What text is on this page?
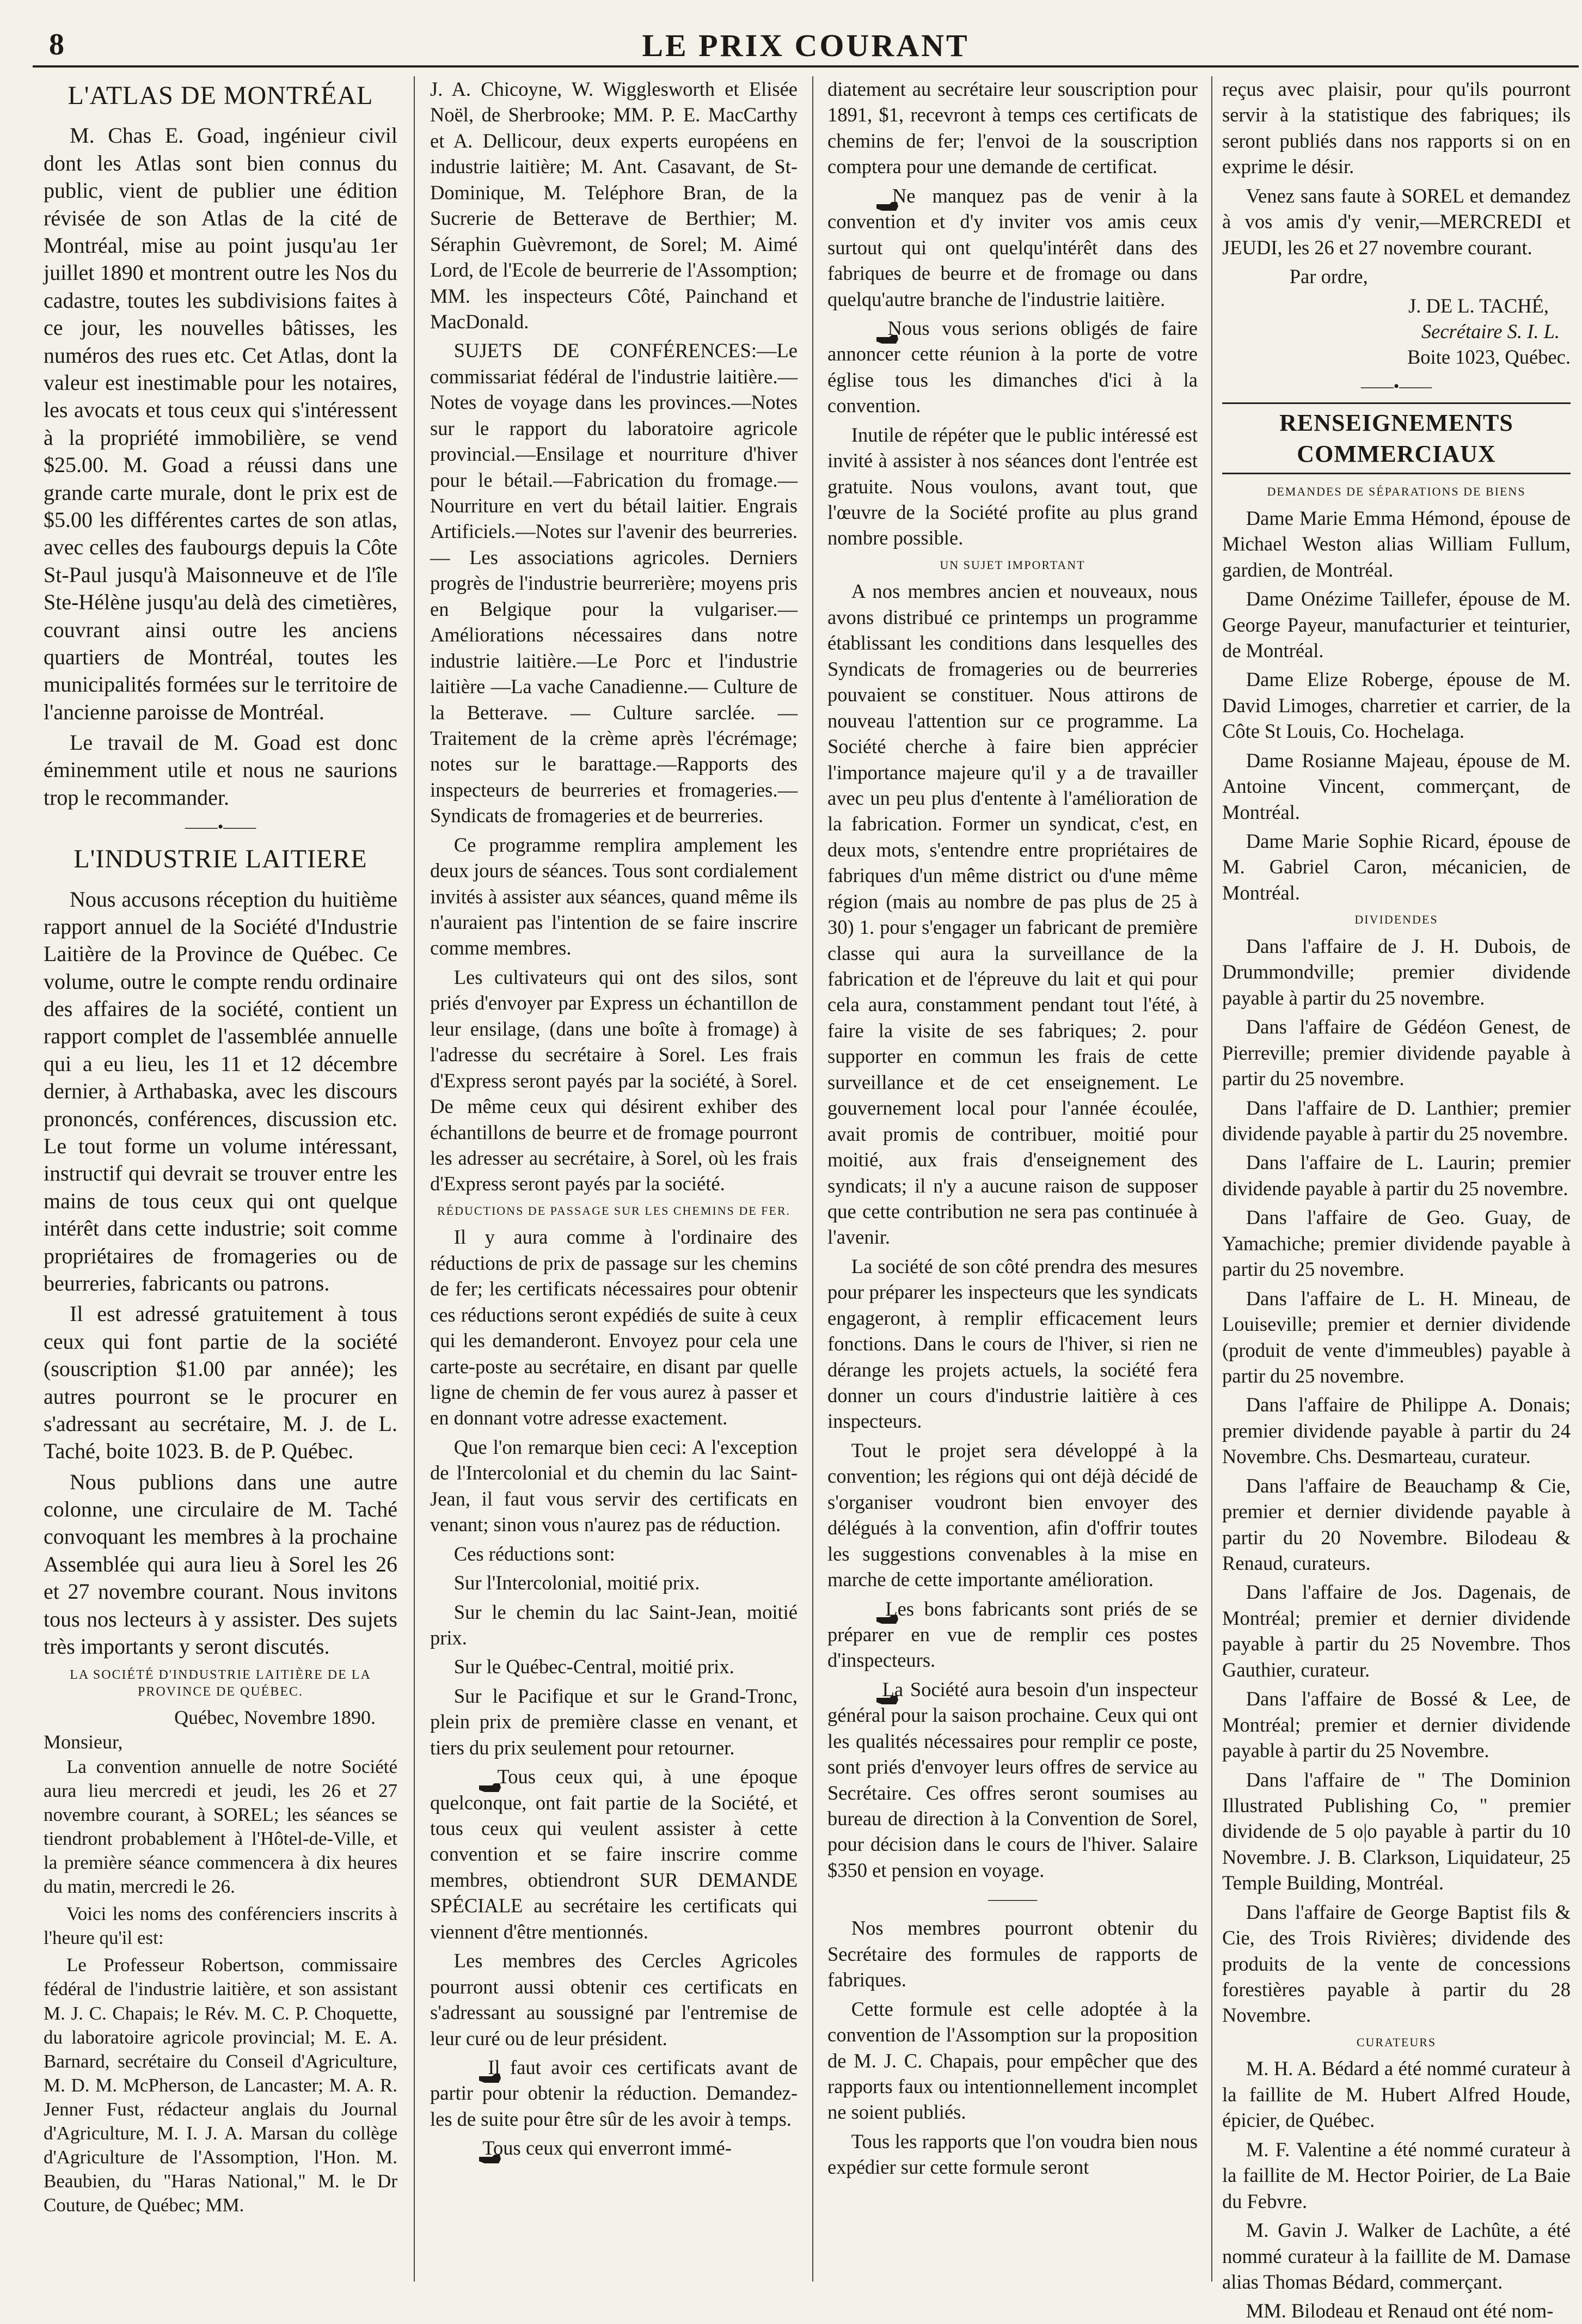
8	LE PRIX COURANT
L'ATLAS DE MONTRÉAL

M. Chas E. Goad, ingénieur civil dont les Atlas sont bien connus du public, vient de publier une édition révisée de son Atlas de la cité de Montréal, mise au point jusqu'au 1er juillet 1890 et montrent outre les Nos du cadastre, toutes les subdivisions faites à ce jour, les nouvelles bâtisses, les numéros des rues etc. Cet Atlas, dont la valeur est inestimable pour les notaires, les avocats et tous ceux qui s'intéressent à la propriété immobilière, se vend $25.00. M. Goad a réussi dans une grande carte murale, dont le prix est de $5.00 les différentes cartes de son atlas, avec celles des faubourgs depuis la Côte St-Paul jusqu'à Maisonneuve et de l'île Ste-Hélène jusqu'au delà des cimetières, couvrant ainsi outre les anciens quartiers de Montréal, toutes les municipalités formées sur le territoire de l'ancienne paroisse de Montréal.

Le travail de M. Goad est donc éminemment utile et nous ne saurions trop le recommander.

——•——
L'INDUSTRIE LAITIERE

Nous accusons réception du huitième rapport annuel de la Société d'Industrie Laitière de la Province de Québec. Ce volume, outre le compte rendu ordinaire des affaires de la société, contient un rapport complet de l'assemblée annuelle qui a eu lieu, les 11 et 12 décembre dernier, à Arthabaska, avec les discours prononcés, conférences, discussion etc. Le tout forme un volume intéressant, instructif qui devrait se trouver entre les mains de tous ceux qui ont quelque intérêt dans cette industrie; soit comme propriétaires de fromageries ou de beurreries, fabricants ou patrons.

Il est adressé gratuitement à tous ceux qui font partie de la société (souscription $1.00 par année); les autres pourront se le procurer en s'adressant au secrétaire, M. J. de L. Taché, boite 1023. B. de P. Québec.

Nous publions dans une autre colonne, une circulaire de M. Taché convoquant les membres à la prochaine Assemblée qui aura lieu à Sorel les 26 et 27 novembre courant. Nous invitons tous nos lecteurs à y assister. Des sujets très importants y seront discutés.

LA SOCIÉTÉ D'INDUSTRIE LAITIÈRE DE LA
PROVINCE DE QUÉBEC.
Québec, Novembre 1890.
Monsieur,

La convention annuelle de notre Société aura lieu mercredi et jeudi, les 26 et 27 novembre courant, à SOREL; les séances se tiendront probablement à l'Hôtel-de-Ville, et la première séance commencera à dix heures du matin, mercredi le 26.

Voici les noms des conférenciers inscrits à l'heure qu'il est:

Le Professeur Robertson, commissaire fédéral de l'industrie laitière, et son assistant M. J. C. Chapais; le Rév. M. C. P. Choquette, du laboratoire agricole provincial; M. E. A. Barnard, secrétaire du Conseil d'Agriculture, M. D. M. McPherson, de Lancaster; M. A. R. Jenner Fust, rédacteur anglais du Journal d'Agriculture, M. I. J. A. Marsan du collège d'Agriculture de l'Assomption, l'Hon. M. Beaubien, du "Haras National," M. le Dr Couture, de Québec; MM.

J. A. Chicoyne, W. Wigglesworth et Elisée Noël, de Sherbrooke; MM. P. E. MacCarthy et A. Dellicour, deux experts européens en industrie laitière; M. Ant. Casavant, de St-Dominique, M. Teléphore Bran, de la Sucrerie de Betterave de Berthier; M. Séraphin Guèvremont, de Sorel; M. Aimé Lord, de l'Ecole de beurrerie de l'Assomption; MM. les inspecteurs Côté, Painchand et MacDonald.

SUJETS DE CONFÉRENCES:—Le commissariat fédéral de l'industrie laitière.—Notes de voyage dans les provinces.—Notes sur le rapport du laboratoire agricole provincial.—Ensilage et nourriture d'hiver pour le bétail.—Fabrication du fromage.—Nourriture en vert du bétail laitier. Engrais Artificiels.—Notes sur l'avenir des beurreries. — Les associations agricoles. Derniers progrès de l'industrie beurrerière; moyens pris en Belgique pour la vulgariser.—Améliorations nécessaires dans notre industrie laitière.—Le Porc et l'industrie laitière —La vache Canadienne.— Culture de la Betterave. — Culture sarclée. — Traitement de la crème après l'écrémage; notes sur le barattage.—Rapports des inspecteurs de beurreries et fromageries.—Syndicats de fromageries et de beurreries.

Ce programme remplira amplement les deux jours de séances. Tous sont cordialement invités à assister aux séances, quand même ils n'auraient pas l'intention de se faire inscrire comme membres.

Les cultivateurs qui ont des silos, sont priés d'envoyer par Express un échantillon de leur ensilage, (dans une boîte à fromage) à l'adresse du secrétaire à Sorel. Les frais d'Express seront payés par la société, à Sorel. De même ceux qui désirent exhiber des échantillons de beurre et de fromage pourront les adresser au secrétaire, à Sorel, où les frais d'Express seront payés par la société.

RÉDUCTIONS DE PASSAGE SUR LES CHEMINS DE FER.

Il y aura comme à l'ordinaire des réductions de prix de passage sur les chemins de fer; les certificats nécessaires pour obtenir ces réductions seront expédiés de suite à ceux qui les demanderont. Envoyez pour cela une carte-poste au secrétaire, en disant par quelle ligne de chemin de fer vous aurez à passer et en donnant votre adresse exactement.

Que l'on remarque bien ceci: A l'exception de l'Intercolonial et du chemin du lac Saint-Jean, il faut vous servir des certificats en venant; sinon vous n'aurez pas de réduction.

Ces réductions sont:

Sur l'Intercolonial, moitié prix.

Sur le chemin du lac Saint-Jean, moitié prix.

Sur le Québec-Central, moitié prix.

Sur le Pacifique et sur le Grand-Tronc, plein prix de première classe en venant, et tiers du prix seulement pour retourner.

Tous ceux qui, à une époque quelconque, ont fait partie de la Société, et tous ceux qui veulent assister à cette convention et se faire inscrire comme membres, obtiendront SUR DEMANDE SPÉCIALE au secrétaire les certificats qui viennent d'être mentionnés.

Les membres des Cercles Agricoles pourront aussi obtenir ces certificats en s'adressant au soussigné par l'entremise de leur curé ou de leur président.

Il faut avoir ces certificats avant de partir pour obtenir la réduction. Demandez-les de suite pour être sûr de les avoir à temps.

Tous ceux qui enverront immé-

diatement au secrétaire leur souscription pour 1891, $1, recevront à temps ces certificats de chemins de fer; l'envoi de la souscription comptera pour une demande de certificat.

Ne manquez pas de venir à la convention et d'y inviter vos amis ceux surtout qui ont quelqu'intérêt dans des fabriques de beurre et de fromage ou dans quelqu'autre branche de l'industrie laitière.

Nous vous serions obligés de faire annoncer cette réunion à la porte de votre église tous les dimanches d'ici à la convention.

Inutile de répéter que le public intéressé est invité à assister à nos séances dont l'entrée est gratuite. Nous voulons, avant tout, que l'œuvre de la Société profite au plus grand nombre possible.

UN SUJET IMPORTANT

A nos membres ancien et nouveaux, nous avons distribué ce printemps un programme établissant les conditions dans lesquelles des Syndicats de fromageries ou de beurreries pouvaient se constituer. Nous attirons de nouveau l'attention sur ce programme. La Société cherche à faire bien apprécier l'importance majeure qu'il y a de travailler avec un peu plus d'entente à l'amélioration de la fabrication. Former un syndicat, c'est, en deux mots, s'entendre entre propriétaires de fabriques d'un même district ou d'une même région (mais au nombre de pas plus de 25 à 30) 1. pour s'engager un fabricant de première classe qui aura la surveillance de la fabrication et de l'épreuve du lait et qui pour cela aura, constamment pendant tout l'été, à faire la visite de ses fabriques; 2. pour supporter en commun les frais de cette surveillance et de cet enseignement. Le gouvernement local pour l'année écoulée, avait promis de contribuer, moitié pour moitié, aux frais d'enseignement des syndicats; il n'y a aucune raison de supposer que cette contribution ne sera pas continuée à l'avenir.

La société de son côté prendra des mesures pour préparer les inspecteurs que les syndicats engageront, à remplir efficacement leurs fonctions. Dans le cours de l'hiver, si rien ne dérange les projets actuels, la société fera donner un cours d'industrie laitière à ces inspecteurs.

Tout le projet sera développé à la convention; les régions qui ont déjà décidé de s'organiser voudront bien envoyer des délégués à la convention, afin d'offrir toutes les suggestions convenables à la mise en marche de cette importante amélioration.

Les bons fabricants sont priés de se préparer en vue de remplir ces postes d'inspecteurs.

La Société aura besoin d'un inspecteur général pour la saison prochaine. Ceux qui ont les qualités nécessaires pour remplir ce poste, sont priés d'envoyer leurs offres de service au Secrétaire. Ces offres seront soumises au bureau de direction à la Convention de Sorel, pour décision dans le cours de l'hiver. Salaire $350 et pension en voyage.

———

Nos membres pourront obtenir du Secrétaire des formules de rapports de fabriques.

Cette formule est celle adoptée à la convention de l'Assomption sur la proposition de M. J. C. Chapais, pour empêcher que des rapports faux ou intentionnellement incomplet ne soient publiés.

Tous les rapports que l'on voudra bien nous expédier sur cette formule seront

reçus avec plaisir, pour qu'ils pourront servir à la statistique des fabriques; ils seront publiés dans nos rapports si on en exprime le désir.

Venez sans faute à SOREL et demandez à vos amis d'y venir,—MERCREDI et JEUDI, les 26 et 27 novembre courant.

Par ordre,

J. DE L. TACHÉ,
Secrétaire S. I. L.
Boite 1023, Québec.
——•——
RENSEIGNEMENTS COMMERCIAUX
DEMANDES DE SÉPARATIONS DE BIENS

Dame Marie Emma Hémond, épouse de Michael Weston alias William Fullum, gardien, de Montréal.

Dame Onézime Taillefer, épouse de M. George Payeur, manufacturier et teinturier, de Montréal.

Dame Elize Roberge, épouse de M. David Limoges, charretier et carrier, de la Côte St Louis, Co. Hochelaga.

Dame Rosianne Majeau, épouse de M. Antoine Vincent, commerçant, de Montréal.

Dame Marie Sophie Ricard, épouse de M. Gabriel Caron, mécanicien, de Montréal.

DIVIDENDES

Dans l'affaire de J. H. Dubois, de Drummondville; premier dividende payable à partir du 25 novembre.

Dans l'affaire de Gédéon Genest, de Pierreville; premier dividende payable à partir du 25 novembre.

Dans l'affaire de D. Lanthier; premier dividende payable à partir du 25 novembre.

Dans l'affaire de L. Laurin; premier dividende payable à partir du 25 novembre.

Dans l'affaire de Geo. Guay, de Yamachiche; premier dividende payable à partir du 25 novembre.

Dans l'affaire de L. H. Mineau, de Louiseville; premier et dernier dividende (produit de vente d'immeubles) payable à partir du 25 novembre.

Dans l'affaire de Philippe A. Donais; premier dividende payable à partir du 24 Novembre. Chs. Desmarteau, curateur.

Dans l'affaire de Beauchamp & Cie, premier et dernier dividende payable à partir du 20 Novembre. Bilodeau & Renaud, curateurs.

Dans l'affaire de Jos. Dagenais, de Montréal; premier et dernier dividende payable à partir du 25 Novembre. Thos Gauthier, curateur.

Dans l'affaire de Bossé & Lee, de Montréal; premier et dernier dividende payable à partir du 25 Novembre.

Dans l'affaire de " The Dominion Illustrated Publishing Co, " premier dividende de 5 o|o payable à partir du 10 Novembre. J. B. Clarkson, Liquidateur, 25 Temple Building, Montréal.

Dans l'affaire de George Baptist fils & Cie, des Trois Rivières; dividende des produits de la vente de concessions forestières payable à partir du 28 Novembre.

CURATEURS

M. H. A. Bédard a été nommé curateur à la faillite de M. Hubert Alfred Houde, épicier, de Québec.

M. F. Valentine a été nommé curateur à la faillite de M. Hector Poirier, de La Baie du Febvre.

M. Gavin J. Walker de Lachûte, a été nommé curateur à la faillite de M. Damase alias Thomas Bédard, commerçant.

MM. Bilodeau et Renaud ont été nom-
